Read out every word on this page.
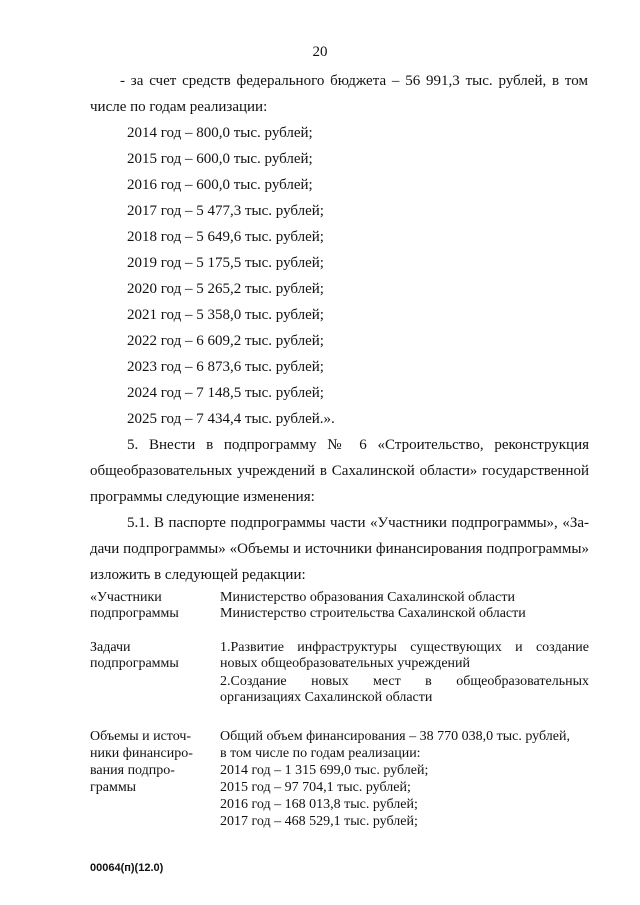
20
- за счет средств федерального бюджета – 56 991,3 тыс. рублей, в том
числе по годам реализации:
2014 год – 800,0 тыс. рублей;
2015 год – 600,0 тыс. рублей;
2016 год – 600,0 тыс. рублей;
2017 год – 5 477,3 тыс. рублей;
2018 год – 5 649,6 тыс. рублей;
2019 год – 5 175,5 тыс. рублей;
2020 год – 5 265,2 тыс. рублей;
2021 год – 5 358,0 тыс. рублей;
2022 год – 6 609,2 тыс. рублей;
2023 год – 6 873,6 тыс. рублей;
2024 год – 7 148,5 тыс. рублей;
2025 год – 7 434,4 тыс. рублей.».
5. Внести в подпрограмму № 6 «Строительство, реконструкция
общеобразовательных учреждений в Сахалинской области» государственной
программы следующие изменения:
5.1. В паспорте подпрограммы части «Участники подпрограммы», «За-
дачи подпрограммы» «Объемы и источники финансирования подпрограммы»
изложить в следующей редакции:
«Участники
подпрограммы
Министерство образования Сахалинской области
Министерство строительства Сахалинской области
Задачи
подпрограммы
1.Развитие инфраструктуры существующих и создание
новых общеобразовательных учреждений
2.Создание новых мест в общеобразовательных
организациях Сахалинской области
Объемы и источ-
ники финансиро-
вания подпро-
граммы
Общий объем финансирования – 38 770 038,0 тыс. рублей,
в том числе по годам реализации:
2014 год – 1 315 699,0 тыс. рублей;
2015 год – 97 704,1 тыс. рублей;
2016 год – 168 013,8 тыс. рублей;
2017 год – 468 529,1 тыс. рублей;
00064(п)(12.0)
